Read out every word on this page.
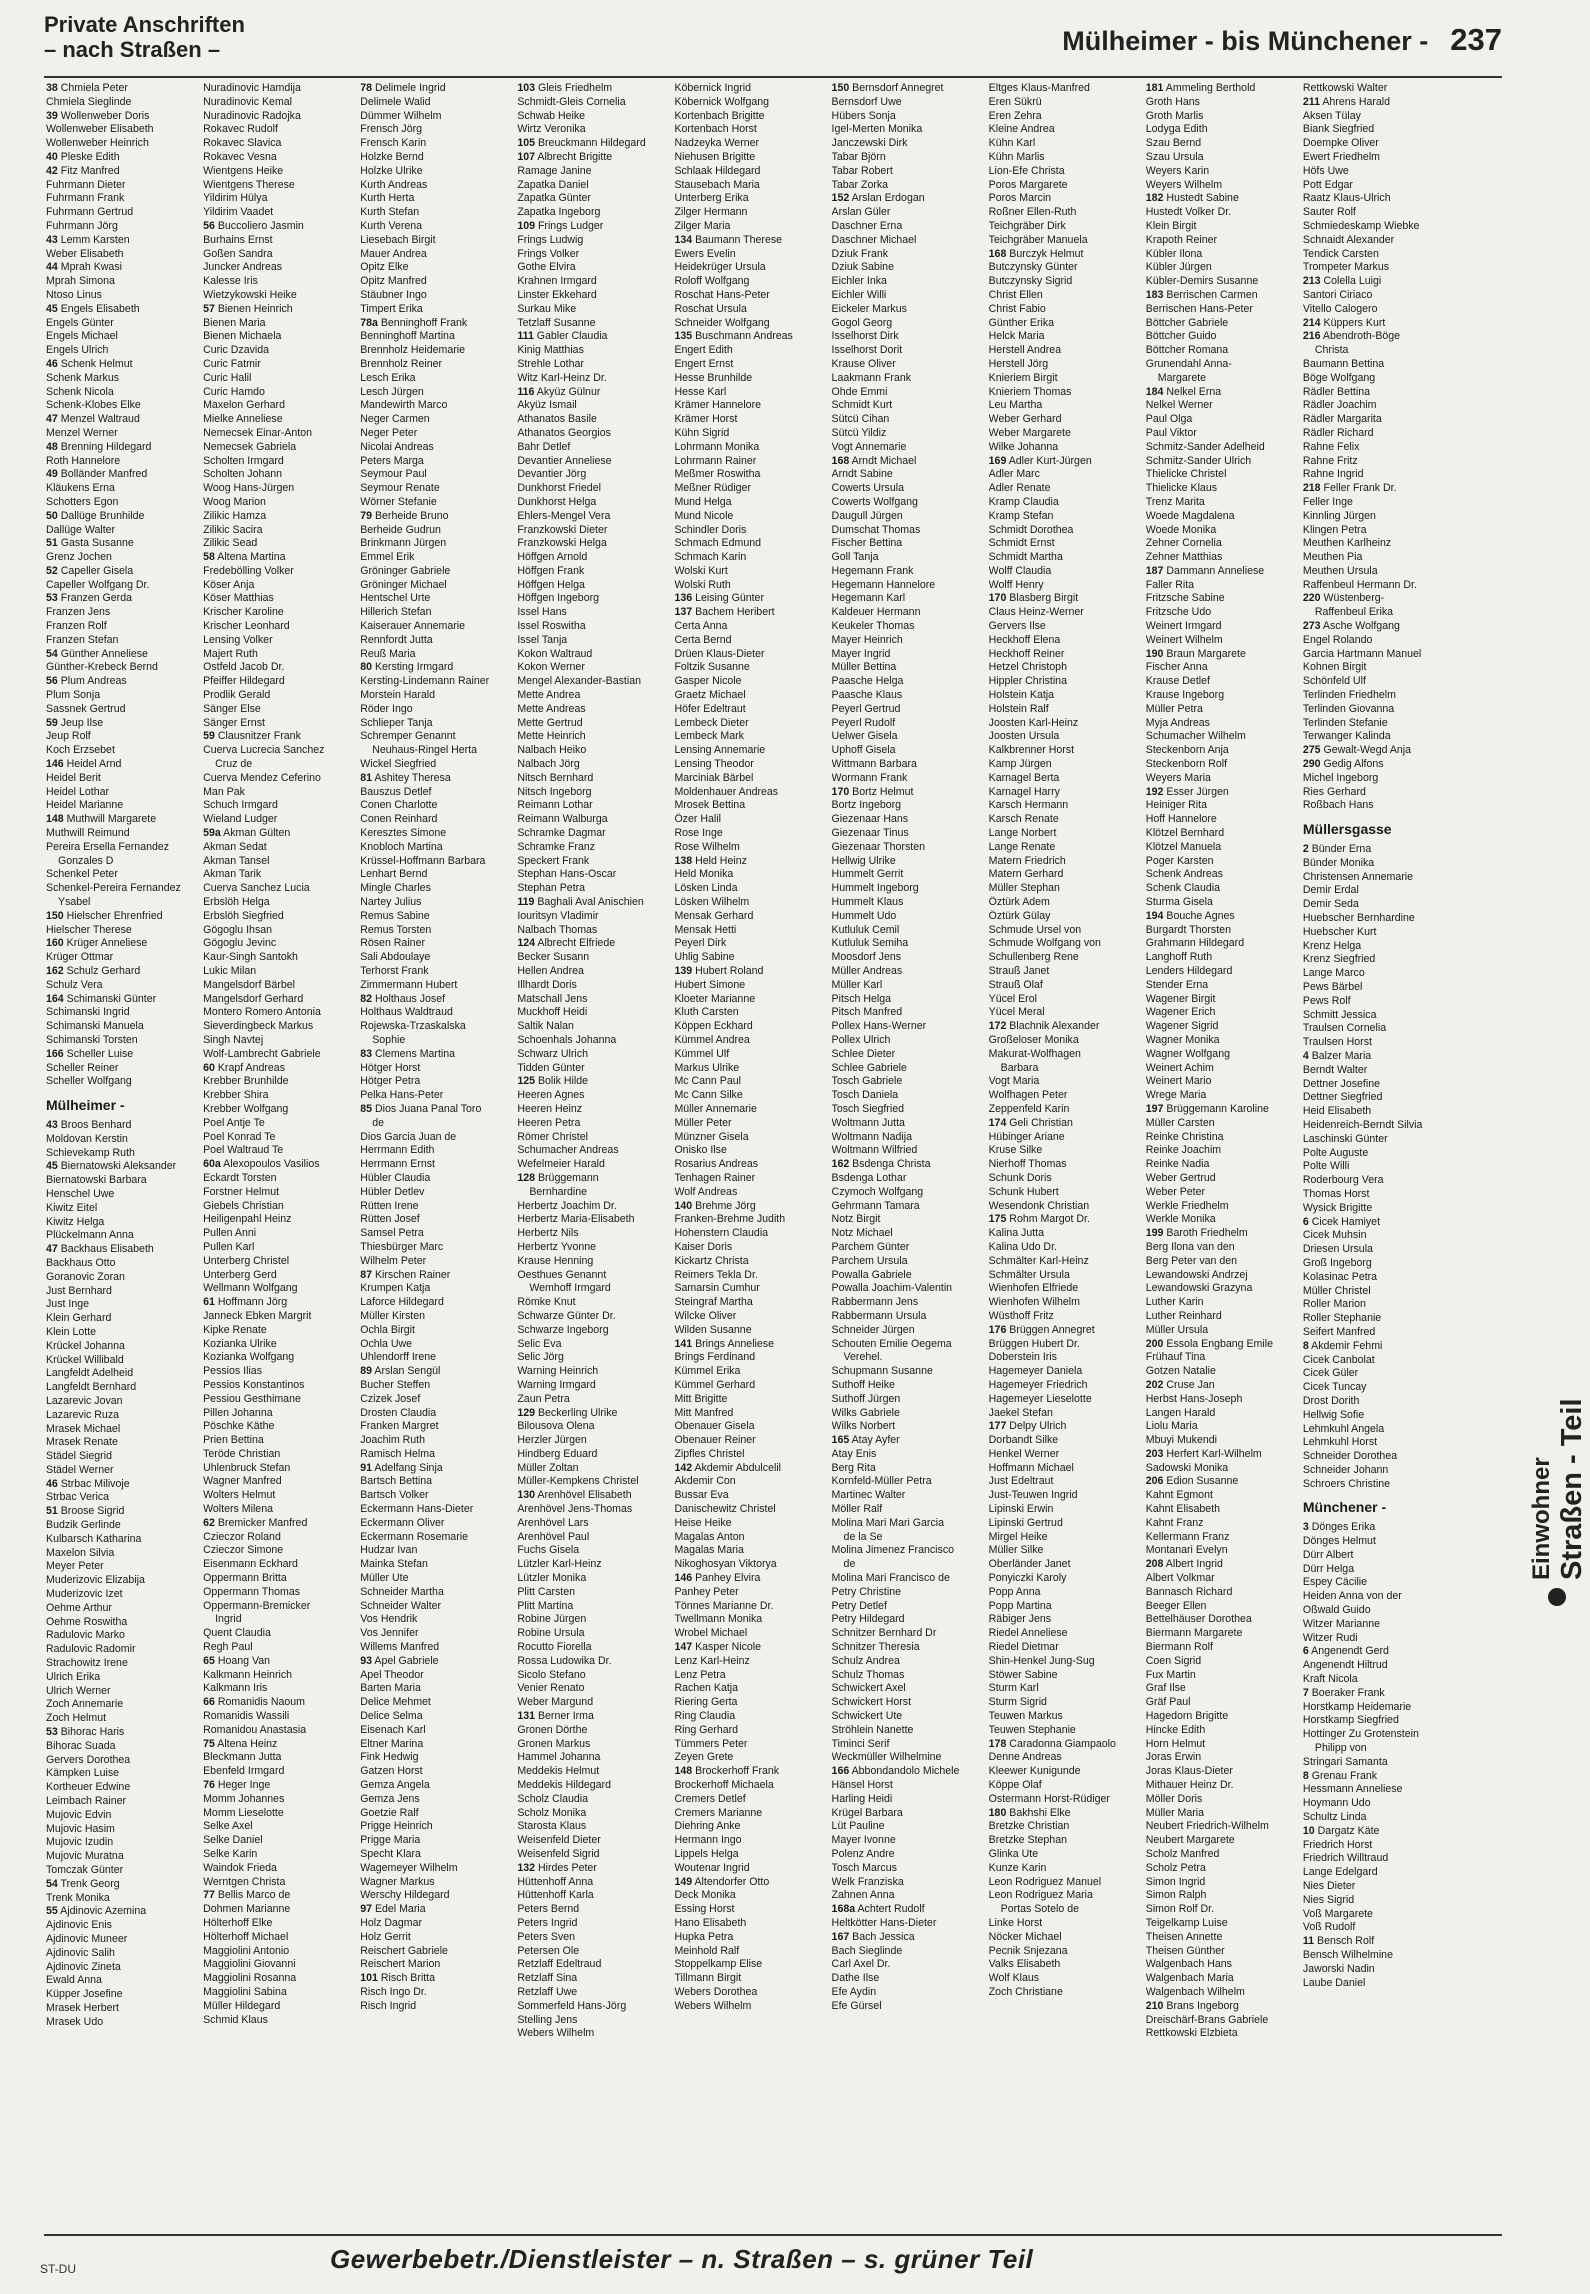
Private Anschriften
– nach Straßen –	Mülheimer - bis Münchener - 237
38 Chmiela Peter
Chmiela Sieglinde
39 Wollenweber Doris
Wollenweber Elisabeth
Wollenweber Heinrich
40 Pleske Edith
42 Fitz Manfred
Fuhrmann Dieter
Fuhrmann Frank
Fuhrmann Gertrud
Fuhrmann Jörg
43 Lemm Karsten
Weber Elisabeth
44 Mprah Kwasi
Mprah Simona
Ntoso Linus
45 Engels Elisabeth
Engels Günter
Engels Michael
Engels Ulrich
46 Schenk Helmut
Schenk Markus
Schenk Nicola
Schenk-Klobes Elke
47 Menzel Waltraud
Menzel Werner
48 Brenning Hildegard
Roth Hannelore
49 Bolländer Manfred
Kläukens Erna
Schotters Egon
50 Dallüge Brunhilde
Dallüge Walter
51 Gasta Susanne
Grenz Jochen
52 Capeller Gisela
Capeller Wolfgang Dr.
53 Franzen Gerda
Franzen Jens
Franzen Rolf
Franzen Stefan
54 Günther Anneliese
Günther-Krebeck Bernd
56 Plum Andreas
Plum Sonja
Sassnek Gertrud
59 Jeup Ilse
Jeup Rolf
Koch Erzsebet
146 Heidel Arnd
Heidel Berit
Heidel Lothar
Heidel Marianne
148 Muthwill Margarete
Muthwill Reimund
Pereira Ersella Fernandez
Gonzales D
Schenkel Peter
Schenkel-Pereira Fernandez
Ysabel
150 Hielscher Ehrenfried
Hielscher Therese
160 Krüger Anneliese
Krüger Ottmar
162 Schulz Gerhard
Schulz Vera
164 Schimanski Günter
Schimanski Ingrid
Schimanski Manuela
Schimanski Torsten
166 Scheller Luise
Scheller Reiner
Scheller Wolfgang
Mülheimer -
43 Broos Benhard
Moldovan Kerstin
Schievekamp Ruth
45 Biernatowski Aleksander
Biernatowski Barbara
Henschel Uwe
Kiwitz Eitel
Kiwitz Helga
Plückelmann Anna
47 Backhaus Elisabeth
Backhaus Otto
Goranovic Zoran
Just Bernhard
Just Inge
Klein Gerhard
Klein Lotte
Krückel Johanna
Krückel Willibald
Langfeldt Adelheid
Langfeldt Bernhard
Lazarevic Jovan
Lazarevic Ruza
Mrasek Michael
Mrasek Renate
Städel Siegrid
Städel Werner
46 Strbac Milivoje
Strbac Verica
51 Broose Sigrid
Budzik Gerlinde
Kulbarsch Katharina
Maxelon Silvia
Meyer Peter
Muderizovic Elizabija
Muderizovic Izet
Oehme Arthur
Oehme Roswitha
Radulovic Marko
Radulovic Radomir
Strachowitz Irene
Ulrich Erika
Ulrich Werner
Zoch Annemarie
Zoch Helmut
53 Bihorac Haris
Bihorac Suada
Gervers Dorothea
Kämpken Luise
Kortheuer Edwine
Leimbach Rainer
Mujovic Edvin
Mujovic Hasim
Mujovic Izudin
Mujovic Muratna
Tomczak Günter
54 Trenk Georg
Trenk Monika
55 Ajdinovic Azemina
Ajdinovic Enis
Ajdinovic Muneer
Ajdinovic Salih
Ajdinovic Zineta
Ewald Anna
Küpper Josefine
Mrasek Herbert
Mrasek Udo
Nuradinovic Hamdija
Nuradinovic Kemal
Nuradinovic Radojka
Rokavec Rudolf
Rokavec Slavica
Rokavec Vesna
Wientgens Heike
Wientgens Therese
Yildirim Hülya
Yildirim Vaadet
56 Buccoliero Jasmin
Burhains Ernst
Goßen Sandra
Juncker Andreas
Kalesse Iris
Wietzykowski Heike
57 Bienen Heinrich
Bienen Maria
Bienen Michaela
Curic Dzavida
Curic Fatmir
Curic Halil
Curic Hamdo
Maxelon Gerhard
Mielke Anneliese
Nemecsek Einar-Anton
Nemecsek Gabriela
Scholten Irmgard
Scholten Johann
Woog Hans-Jürgen
Woog Marion
Zilikic Hamza
Zilikic Sacira
Zilikic Sead
58 Altena Martina
Fredebölling Volker
Köser Anja
Köser Matthias
Krischer Karoline
Krischer Leonhard
Lensing Volker
Majert Ruth
Ostfeld Jacob Dr.
Pfeiffer Hildegard
Prodlik Gerald
Sänger Else
Sänger Ernst
59 Clausnitzer Frank
Cuerva Lucrecia Sanchez
Cruz de
Cuerva Mendez Ceferino
Man Pak
Schuch Irmgard
Wieland Ludger
59a Akman Gülten
Akman Sedat
Akman Tansel
Akman Tarik
Cuerva Sanchez Lucia
Erbslöh Helga
Erbslöh Siegfried
Gögoglu Ihsan
Gögoglu Jevinc
Kaur-Singh Santokh
Lukic Milan
Mangelsdorf Bärbel
Mangelsdorf Gerhard
Montero Romero Antonia
Sieverdingbeck Markus
Singh Navtej
Wolf-Lambrecht Gabriele
60 Krapf Andreas
Krebber Brunhilde
Krebber Shira
Krebber Wolfgang
Poel Antje Te
Poel Konrad Te
Poel Waltraud Te
60a Alexopoulos Vasilios
Eckardt Torsten
Forstner Helmut
Giebels Christian
Heiligenpahl Heinz
Pullen Anni
Pullen Karl
Unterberg Christel
Unterberg Gerd
Wellmann Wolfgang
61 Hoffmann Jörg
Janneck Ebken Margrit
Kipke Renate
Kozianka Ulrike
Kozianka Wolfgang
Pessios Ilias
Pessios Konstantinos
Pessiou Gesthimane
Pillen Johanna
Pöschke Käthe
Prien Bettina
Teröde Christian
Uhlenbruck Stefan
Wagner Manfred
Wolters Helmut
Wolters Milena
62 Bremicker Manfred
Czieczor Roland
Czieczor Simone
Eisenmann Eckhard
Oppermann Britta
Oppermann Thomas
Oppermann-Bremicker
Ingrid
Quent Claudia
Regh Paul
65 Hoang Van
Kalkmann Heinrich
Kalkmann Iris
66 Romanidis Naoum
Romanidis Wassili
Romanidou Anastasia
75 Altena Heinz
Bleckmann Jutta
Ebenfeld Irmgard
76 Heger Inge
Momm Johannes
Momm Lieselotte
Selke Axel
Selke Daniel
Selke Karin
Waindok Frieda
Werntgen Christa
77 Bellis Marco de
Dohmen Marianne
Hölterhoff Elke
Hölterhoff Michael
Maggiolini Antonio
Maggiolini Giovanni
Maggiolini Rosanna
Maggiolini Sabina
Müller Hildegard
Schmid Klaus
78 Delimele Ingrid
Delimele Walid
Dümmer Wilhelm
Frensch Jörg
Frensch Karin
Holzke Bernd
Holzke Ulrike
Kurth Andreas
Kurth Herta
Kurth Stefan
Kurth Verena
Liesebach Birgit
Mauer Andrea
Opitz Elke
Opitz Manfred
Stäubner Ingo
Timpert Erika
78a Benninghoff Frank
Benninghoff Martina
Brennholz Heidemarie
Brennholz Reiner
Lesch Erika
Lesch Jürgen
Mandewirth Marco
Neger Carmen
Neger Peter
Nicolai Andreas
Peters Marga
Seymour Paul
Seymour Renate
Wörner Stefanie
79 Berheide Bruno
Berheide Gudrun
Brinkmann Jürgen
Emmel Erik
Gröninger Gabriele
Gröninger Michael
Hentschel Urte
Hillerich Stefan
Kaiserauer Annemarie
Rennfordt Jutta
Reuß Maria
80 Kersting Irmgard
Kersting-Lindemann Rainer
Morstein Harald
Röder Ingo
Schlieper Tanja
Schremper Genannt
Neuhaus-Ringel Herta
Wickel Siegfried
81 Ashitey Theresa
Bauszus Detlef
Conen Charlotte
Conen Reinhard
Keresztes Simone
Knobloch Martina
Krüssel-Hoffmann Barbara
Lenhart Bernd
Mingle Charles
Nartey Julius
Remus Sabine
Remus Torsten
Rösen Rainer
Sali Abdoulaye
Terhorst Frank
Zimmermann Hubert
82 Holthaus Josef
Holthaus Waldtraud
Rojewska-Trzaskalska
Sophie
83 Clemens Martina
Hötger Horst
Hötger Petra
Pelka Hans-Peter
85 Dios Juana Panal Toro
de
Dios Garcia Juan de
Herrmann Edith
Herrmann Ernst
Hübler Claudia
Hübler Detlev
Rütten Irene
Rütten Josef
Samsel Petra
Thiesbürger Marc
Wilhelm Peter
87 Kirschen Rainer
Krumpen Katja
Laforce Hildegard
Müller Kirsten
Ochla Birgit
Ochla Uwe
Uhlendorff Irene
89 Arslan Sengül
Bucher Steffen
Czizek Josef
Drosten Claudia
Franken Margret
Joachim Ruth
Ramisch Helma
91 Adelfang Sinja
Bartsch Bettina
Bartsch Volker
Eckermann Hans-Dieter
Eckermann Oliver
Eckermann Rosemarie
Hudzar Ivan
Mainka Stefan
Müller Ute
Schneider Martha
Schneider Walter
Vos Hendrik
Vos Jennifer
Willems Manfred
93 Apel Gabriele
Apel Theodor
Barten Maria
Delice Mehmet
Delice Selma
Eisenach Karl
Eltner Marina
Fink Hedwig
Gatzen Horst
Gemza Angela
Gemza Jens
Goetzie Ralf
Prigge Heinrich
Prigge Maria
Specht Klara
Wagemeyer Wilhelm
Wagner Markus
Werschy Hildegard
97 Edel Maria
Holz Dagmar
Holz Gerrit
Reischert Gabriele
Reischert Marion
101 Risch Britta
Risch Ingo Dr.
Risch Ingrid
103 Gleis Friedhelm
Schmidt-Gleis Cornelia
Schwab Heike
Wirtz Veronika
105 Breuckmann Hildegard
107 Albrecht Brigitte
Ramage Janine
Zapatka Daniel
Zapatka Günter
Zapatka Ingeborg
109 Frings Ludger
Frings Ludwig
Frings Volker
Gothe Elvira
Krahnen Irmgard
Linster Ekkehard
Surkau Mike
Tetzlaff Susanne
111 Gabler Claudia
Kinig Matthias
Strehle Lothar
Witz Karl-Heinz Dr.
116 Akyüz Gülnur
Akyüz Ismail
Athanatos Basile
Athanatos Georgios
Bahr Detlef
Devantier Anneliese
Devantier Jörg
Dunkhorst Friedel
Dunkhorst Helga
Ehlers-Mengel Vera
Franzkowski Dieter
Franzkowski Helga
Höffgen Arnold
Höffgen Frank
Höffgen Helga
Höffgen Ingeborg
Issel Hans
Issel Roswitha
Issel Tanja
Kokon Waltraud
Kokon Werner
Mengel Alexander-Bastian
Mette Andrea
Mette Andreas
Mette Gertrud
Mette Heinrich
Nalbach Heiko
Nalbach Jörg
Nitsch Bernhard
Nitsch Ingeborg
Reimann Lothar
Reimann Walburga
Schramke Dagmar
Schramke Franz
Speckert Frank
Stephan Hans-Oscar
Stephan Petra
119 Baghali Aval Anischien
Iouritsyn Vladimir
Nalbach Thomas
124 Albrecht Elfriede
Becker Susann
Hellen Andrea
Illhardt Doris
Matschall Jens
Muckhoff Heidi
Saltik Nalan
Schoenhals Johanna
Schwarz Ulrich
Tidden Günter
125 Bolik Hilde
Heeren Agnes
Heeren Heinz
Heeren Petra
Römer Christel
Schumacher Andreas
Wefelmeier Harald
128 Brüggemann
Bernhardine
Herbertz Joachim Dr.
Herbertz Maria-Elisabeth
Herbertz Nils
Herbertz Yvonne
Krause Henning
Oesthues Genannt
Wemhoff Irmgard
Römke Knut
Schwarze Günter Dr.
Schwarze Ingeborg
Selic Eva
Selic Jörg
Warning Heinrich
Warning Irmgard
Zaun Petra
129 Beckerling Ulrike
Bilousova Olena
Herzler Jürgen
Hindberg Eduard
Müller Zoltan
Müller-Kempkens Christel
130 Arenhövel Elisabeth
Arenhövel Jens-Thomas
Arenhövel Lars
Arenhövel Paul
Fuchs Gisela
Lützler Karl-Heinz
Lützler Monika
Plitt Carsten
Plitt Martina
Robine Jürgen
Robine Ursula
Rocutto Fiorella
Rossa Ludowika Dr.
Sicolo Stefano
Venier Renato
Weber Margund
131 Berner Irma
Gronen Dörthe
Gronen Markus
Hammel Johanna
Meddekis Helmut
Meddekis Hildegard
Scholz Claudia
Scholz Monika
Starosta Klaus
Weisenfeld Dieter
Weisenfeld Sigrid
132 Hirdes Peter
Hüttenhoff Anna
Hüttenhoff Karla
Peters Bernd
Peters Ingrid
Peters Sven
Petersen Ole
Retzlaff Edeltraud
Retzlaff Sina
Retzlaff Uwe
Sommerfeld Hans-Jörg
Stelling Jens
Webers Wilhelm
Köbernick Ingrid
Köbernick Wolfgang
Kortenbach Brigitte
Kortenbach Horst
Nadzeyka Werner
Niehusen Brigitte
Schlaak Hildegard
Stausebach Maria
Unterberg Erika
Zilger Hermann
Zilger Maria
134 Baumann Therese
Ewers Evelin
Heidekrüger Ursula
Roloff Wolfgang
Roschat Hans-Peter
Roschat Ursula
Schneider Wolfgang
135 Buschmann Andreas
Engert Edith
Engert Ernst
Hesse Brunhilde
Hesse Karl
Krämer Hannelore
Krämer Horst
Kühn Sigrid
Lohrmann Monika
Lohrmann Rainer
Meßmer Roswitha
Meßner Rüdiger
Mund Helga
Mund Nicole
Schindler Doris
Schmach Edmund
Schmach Karin
Wolski Kurt
Wolski Ruth
136 Leising Günter
137 Bachem Heribert
Certa Anna
Certa Bernd
Drüen Klaus-Dieter
Foltzik Susanne
Gasper Nicole
Graetz Michael
Höfer Edeltraut
Lembeck Dieter
Lembeck Mark
Lensing Annemarie
Lensing Theodor
Marciniak Bärbel
Moldenhauer Andreas
Mrosek Bettina
Özer Halil
Rose Inge
Rose Wilhelm
138 Held Heinz
Held Monika
Lösken Linda
Lösken Wilhelm
Mensak Gerhard
Mensak Hetti
Peyerl Dirk
Uhlig Sabine
139 Hubert Roland
Hubert Simone
Kloeter Marianne
Kluth Carsten
Köppen Eckhard
Kümmel Andrea
Kümmel Ulf
Markus Ulrike
Mc Cann Paul
Mc Cann Silke
Müller Annemarie
Müller Peter
Münzner Gisela
Onisko Ilse
Rosarius Andreas
Tenhagen Rainer
Wolf Andreas
140 Brehme Jörg
Franken-Brehme Judith
Hohenstern Claudia
Kaiser Doris
Kickartz Christa
Reimers Tekla Dr.
Samarsin Cumhur
Steingraf Martha
Wilcke Oliver
Wilden Susanne
141 Brings Anneliese
Brings Ferdinand
Kümmel Erika
Kümmel Gerhard
Mitt Brigitte
Mitt Manfred
Obenauer Gisela
Obenauer Reiner
Zipfles Christel
142 Akdemir Abdulcelil
Akdemir Con
Bussar Eva
Danischewitz Christel
Heise Heike
Magalas Anton
Magalas Maria
Nikoghosyan Viktorya
146 Panhey Elvira
Panhey Peter
Tönnes Marianne Dr.
Twellmann Monika
Wrobel Michael
147 Kasper Nicole
Lenz Karl-Heinz
Lenz Petra
Rachen Katja
Riering Gerta
Ring Claudia
Ring Gerhard
Tümmers Peter
Zeyen Grete
148 Brockerhoff Frank
Brockerhoff Michaela
Cremers Detlef
Cremers Marianne
Diehring Anke
Hermann Ingo
Lippels Helga
Woutenar Ingrid
149 Altendorfer Otto
Deck Monika
Essing Horst
Hano Elisabeth
Hupka Petra
Meinhold Ralf
Stoppelkamp Elise
Tillmann Birgit
Webers Dorothea
Webers Wilhelm
150 Bernsdorf Annegret
Bernsdorf Uwe
Hübers Sonja
Igel-Merten Monika
Janczewski Dirk
Tabar Björn
Tabar Robert
Tabar Zorka
152 Arslan Erdogan
Arslan Güler
Daschner Erna
Daschner Michael
Dziuk Frank
Dziuk Sabine
Eichler Inka
Eichler Willi
Eickeler Markus
Gogol Georg
Isselhorst Dirk
Isselhorst Dorit
Krause Oliver
Laakmann Frank
Ohde Emmi
Schmidt Kurt
Sütcü Cihan
Sütcü Yildiz
Vogt Annemarie
168 Arndt Michael
Arndt Sabine
Cowerts Ursula
Cowerts Wolfgang
Daugull Jürgen
Dumschat Thomas
Fischer Bettina
Goll Tanja
Hegemann Frank
Hegemann Hannelore
Hegemann Karl
Kaldeuer Hermann
Keukeler Thomas
Mayer Heinrich
Mayer Ingrid
Müller Bettina
Paasche Helga
Paasche Klaus
Peyerl Gertrud
Peyerl Rudolf
Uelwer Gisela
Uphoff Gisela
Wittmann Barbara
Wormann Frank
170 Bortz Helmut
Bortz Ingeborg
Giezenaar Hans
Giezenaar Tinus
Giezenaar Thorsten
Hellwig Ulrike
Hummelt Gerrit
Hummelt Ingeborg
Hummelt Klaus
Hummelt Udo
Kutluluk Cemil
Kutluluk Semiha
Moosdorf Jens
Müller Andreas
Müller Karl
Pitsch Helga
Pitsch Manfred
Pollex Hans-Werner
Pollex Ulrich
Schlee Dieter
Schlee Gabriele
Tosch Gabriele
Tosch Daniela
Tosch Siegfried
Woltmann Jutta
Woltmann Nadija
Woltmann Wilfried
162 Bsdenga Christa
Bsdenga Lothar
Czymoch Wolfgang
Gehrmann Tamara
Notz Birgit
Notz Michael
Parchem Günter
Parchem Ursula
Powalla Gabriele
Powalla Joachim-Valentin
Rabbermann Jens
Rabbermann Ursula
Schneider Jürgen
Schouten Emilie Oegema
Verehel.
Schupmann Susanne
Suthoff Heike
Suthoff Jürgen
Wilks Gabriele
Wilks Norbert
165 Atay Ayfer
Atay Enis
Berg Rita
Kornfeld-Müller Petra
Martinec Walter
Möller Ralf
Molina Mari Mari Garcia
de la Se
Molina Jimenez Francisco
de
Molina Mari Francisco de
Petry Christine
Petry Detlef
Petry Hildegard
Schnitzer Bernhard Dr
Schnitzer Theresia
Schulz Andrea
Schulz Thomas
Schwickert Axel
Schwickert Horst
Schwickert Ute
Ströhlein Nanette
Timinci Serif
Weckmüller Wilhelmine
166 Abbondandolo Michele
Hänsel Horst
Harling Heidi
Krügel Barbara
Lüt Pauline
Mayer Ivonne
Polenz Andre
Tosch Marcus
Welk Franziska
Zahnen Anna
168a Achtert Rudolf
Heltkötter Hans-Dieter
167 Bach Jessica
Bach Sieglinde
Carl Axel Dr.
Dathe Ilse
Efe Aydin
Efe Gürsel
Eltges Klaus-Manfred
Eren Sükrü
Eren Zehra
Kleine Andrea
Kühn Karl
Kühn Marlis
Lion-Efe Christa
Poros Margarete
Poros Marcin
Roßner Ellen-Ruth
Teichgräber Dirk
Teichgräber Manuela
168 Burczyk Helmut
Butczynsky Günter
Butczynsky Sigrid
Christ Ellen
Christ Fabio
Günther Erika
Helck Maria
Herstell Andrea
Herstell Jörg
Knieriem Birgit
Knieriem Thomas
Leu Martha
Weber Gerhard
Weber Margarete
Wilke Johanna
169 Adler Kurt-Jürgen
Adler Marc
Adler Renate
Kramp Claudia
Kramp Stefan
Schmidt Dorothea
Schmidt Ernst
Schmidt Martha
Wolff Claudia
Wolff Henry
170 Blasberg Birgit
Claus Heinz-Werner
Gervers Ilse
Heckhoff Elena
Heckhoff Reiner
Hetzel Christoph
Hippler Christina
Holstein Katja
Holstein Ralf
Joosten Karl-Heinz
Joosten Ursula
Kalkbrenner Horst
Kamp Jürgen
Karnagel Berta
Karnagel Harry
Karsch Hermann
Karsch Renate
Lange Norbert
Lange Renate
Matern Friedrich
Matern Gerhard
Müller Stephan
Öztürk Adem
Öztürk Gülay
Schmude Ursel von
Schmude Wolfgang von
Schullenberg Rene
Strauß Janet
Strauß Olaf
Yücel Erol
Yücel Meral
172 Blachnik Alexander
Großeloser Monika
Makurat-Wolfhagen
Barbara
Vogt Maria
Wolfhagen Peter
Zeppenfeld Karin
174 Geli Christian
Hübinger Ariane
Kruse Silke
Nierhoff Thomas
Schunk Doris
Schunk Hubert
Wesendonk Christian
175 Rohm Margot Dr.
Kalina Jutta
Kalina Udo Dr.
Schmälter Karl-Heinz
Schmälter Ursula
Wienhofen Elfriede
Wienhofen Wilhelm
Wüsthoff Fritz
176 Brüggen Annegret
Brüggen Hubert Dr.
Doberstein Iris
Hagemeyer Daniela
Hagemeyer Friedrich
Hagemeyer Lieselotte
Jaekel Stefan
177 Delpy Ulrich
Dorbandt Silke
Henkel Werner
Hoffmann Michael
Just Edeltraut
Just-Teuwen Ingrid
Lipinski Erwin
Lipinski Gertrud
Mirgel Heike
Müller Silke
Oberländer Janet
Ponyiczki Karoly
Popp Anna
Popp Martina
Räbiger Jens
Riedel Anneliese
Riedel Dietmar
Shin-Henkel Jung-Sug
Stöwer Sabine
Sturm Karl
Sturm Sigrid
Teuwen Markus
Teuwen Stephanie
178 Caradonna Giampaolo
Denne Andreas
Kleewer Kunigunde
Köppe Olaf
Ostermann Horst-Rüdiger
180 Bakhshi Elke
Bretzke Christian
Bretzke Stephan
Glinka Ute
Kunze Karin
Leon Rodriguez Manuel
Leon Rodriguez Maria
Portas Sotelo de
Linke Horst
Nöcker Michael
Pecnik Snjezana
Valks Elisabeth
Wolf Klaus
Zoch Christiane
181 Ammeling Berthold
Groth Hans
Groth Marlis
Lodyga Edith
Szau Bernd
Szau Ursula
Weyers Karin
Weyers Wilhelm
182 Hustedt Sabine
Hustedt Volker Dr.
Klein Birgit
Krapoth Reiner
Kübler Ilona
Kübler Jürgen
Kübler-Demirs Susanne
183 Berrischen Carmen
Berrischen Hans-Peter
Böttcher Gabriele
Böttcher Guido
Böttcher Romana
Grunendahl Anna-
Margarete
184 Nelkel Erna
Nelkel Werner
Paul Olga
Paul Viktor
Schmitz-Sander Adelheid
Schmitz-Sander Ulrich
Thielicke Christel
Thielicke Klaus
Trenz Marita
Woede Magdalena
Woede Monika
Zehner Cornelia
Zehner Matthias
187 Dammann Anneliese
Faller Rita
Fritzsche Sabine
Fritzsche Udo
Weinert Irmgard
Weinert Wilhelm
190 Braun Margarete
Fischer Anna
Krause Detlef
Krause Ingeborg
Müller Petra
Myja Andreas
Schumacher Wilhelm
Steckenborn Anja
Steckenborn Rolf
Weyers Maria
192 Esser Jürgen
Heiniger Rita
Hoff Hannelore
Klötzel Bernhard
Klötzel Manuela
Poger Karsten
Schenk Andreas
Schenk Claudia
Sturma Gisela
194 Bouche Agnes
Burgardt Thorsten
Grahmann Hildegard
Langhoff Ruth
Lenders Hildegard
Stender Erna
Wagener Birgit
Wagener Erich
Wagener Sigrid
Wagner Monika
Wagner Wolfgang
Weinert Achim
Weinert Mario
Wrege Maria
197 Brüggemann Karoline
Müller Carsten
Reinke Christina
Reinke Joachim
Reinke Nadia
Weber Gertrud
Weber Peter
Werkle Friedhelm
Werkle Monika
199 Baroth Friedhelm
Berg Ilona van den
Berg Peter van den
Lewandowski Andrzej
Lewandowski Grazyna
Luther Karin
Luther Reinhard
Müller Ursula
200 Essola Engbang Emile
Frühauf Tina
Gotzen Natalie
202 Cruse Jan
Herbst Hans-Joseph
Langen Harald
Liolu Maria
Mbuyi Mukendi
203 Herfert Karl-Wilhelm
Sadowski Monika
206 Edion Susanne
Kahnt Egmont
Kahnt Elisabeth
Kahnt Franz
Kellermann Franz
Montanari Evelyn
208 Albert Ingrid
Albert Volkmar
Bannasch Richard
Beeger Ellen
Bettelhäuser Dorothea
Biermann Margarete
Biermann Rolf
Coen Sigrid
Fux Martin
Graf Ilse
Gräf Paul
Hagedorn Brigitte
Hincke Edith
Horn Helmut
Joras Erwin
Joras Klaus-Dieter
Mithauer Heinz Dr.
Möller Doris
Müller Maria
Neubert Friedrich-Wilhelm
Neubert Margarete
Scholz Manfred
Scholz Petra
Simon Ingrid
Simon Ralph
Simon Rolf Dr.
Teigelkamp Luise
Theisen Annette
Theisen Günther
Walgenbach Hans
Walgenbach Maria
Walgenbach Wilhelm
210 Brans Ingeborg
Dreischärf-Brans Gabriele
Rettkowski Elzbieta
Rettkowski Walter
211 Ahrens Harald
Aksen Tülay
Biank Siegfried
Doempke Oliver
Ewert Friedhelm
Höfs Uwe
Pott Edgar
Raatz Klaus-Ulrich
Sauter Rolf
Schmiedeskamp Wiebke
Schnaidt Alexander
Tendick Carsten
Trompeter Markus
213 Colella Luigi
Santori Ciriaco
Vitello Calogero
214 Küppers Kurt
216 Abendroth-Böge
Christa
Baumann Bettina
Böge Wolfgang
Rädler Bettina
Rädler Joachim
Rädler Margarita
Rädler Richard
Rahne Felix
Rahne Fritz
Rahne Ingrid
218 Feller Frank Dr.
Feller Inge
Kinnling Jürgen
Klingen Petra
Meuthen Karlheinz
Meuthen Pia
Meuthen Ursula
Raffenbeul Hermann Dr.
220 Wüstenberg-
Raffenbeul Erika
273 Asche Wolfgang
Engel Rolando
Garcia Hartmann Manuel
Kohnen Birgit
Schönfeld Ulf
Terlinden Friedhelm
Terlinden Giovanna
Terlinden Stefanie
Terwanger Kalinda
275 Gewalt-Wegd Anja
290 Gedig Alfons
Michel Ingeborg
Ries Gerhard
Roßbach Hans
Müllersgasse
2 Bünder Erna
Bünder Monika
Christensen Annemarie
Demir Erdal
Demir Seda
Huebscher Bernhardine
Huebscher Kurt
Krenz Helga
Krenz Siegfried
Lange Marco
Pews Bärbel
Pews Rolf
Schmitt Jessica
Traulsen Cornelia
Traulsen Horst
4 Balzer Maria
Berndt Walter
Dettner Josefine
Dettner Siegfried
Heid Elisabeth
Heidenreich-Berndt Silvia
Laschinski Günter
Polte Auguste
Polte Willi
Roderbourg Vera
Thomas Horst
Wysick Brigitte
6 Cicek Hamiyet
Cicek Muhsin
Driesen Ursula
Groß Ingeborg
Kolasinac Petra
Müller Christel
Roller Marion
Roller Stephanie
Seifert Manfred
8 Akdemir Fehmi
Cicek Canbolat
Cicek Güler
Cicek Tuncay
Drost Dorith
Hellwig Sofie
Lehmkuhl Angela
Lehmkuhl Horst
Schneider Dorothea
Schneider Johann
Schroers Christine
Münchener -
3 Dönges Erika
Dönges Helmut
Dürr Albert
Dürr Helga
Espey Cäcilie
Heiden Anna von der
Oßwald Guido
Witzer Marianne
Witzer Rudi
6 Angenendt Gerd
Angenendt Hiltrud
Kraft Nicola
7 Boeraker Frank
Horstkamp Heidemarie
Horstkamp Siegfried
Hottinger Zu Grotenstein
Philipp von
Stringari Samanta
8 Grenau Frank
Hessmann Anneliese
Hoymann Udo
Schultz Linda
10 Dargatz Käte
Friedrich Horst
Friedrich Willtraud
Lange Edelgard
Nies Dieter
Nies Sigrid
Voß Margarete
Voß Rudolf
11 Bensch Rolf
Bensch Wilhelmine
Jaworski Nadin
Laube Daniel
Einwohner Straßen - Teil
ST-DU	Gewerbebetr./Dienstleister – n. Straßen – s. grüner Teil
